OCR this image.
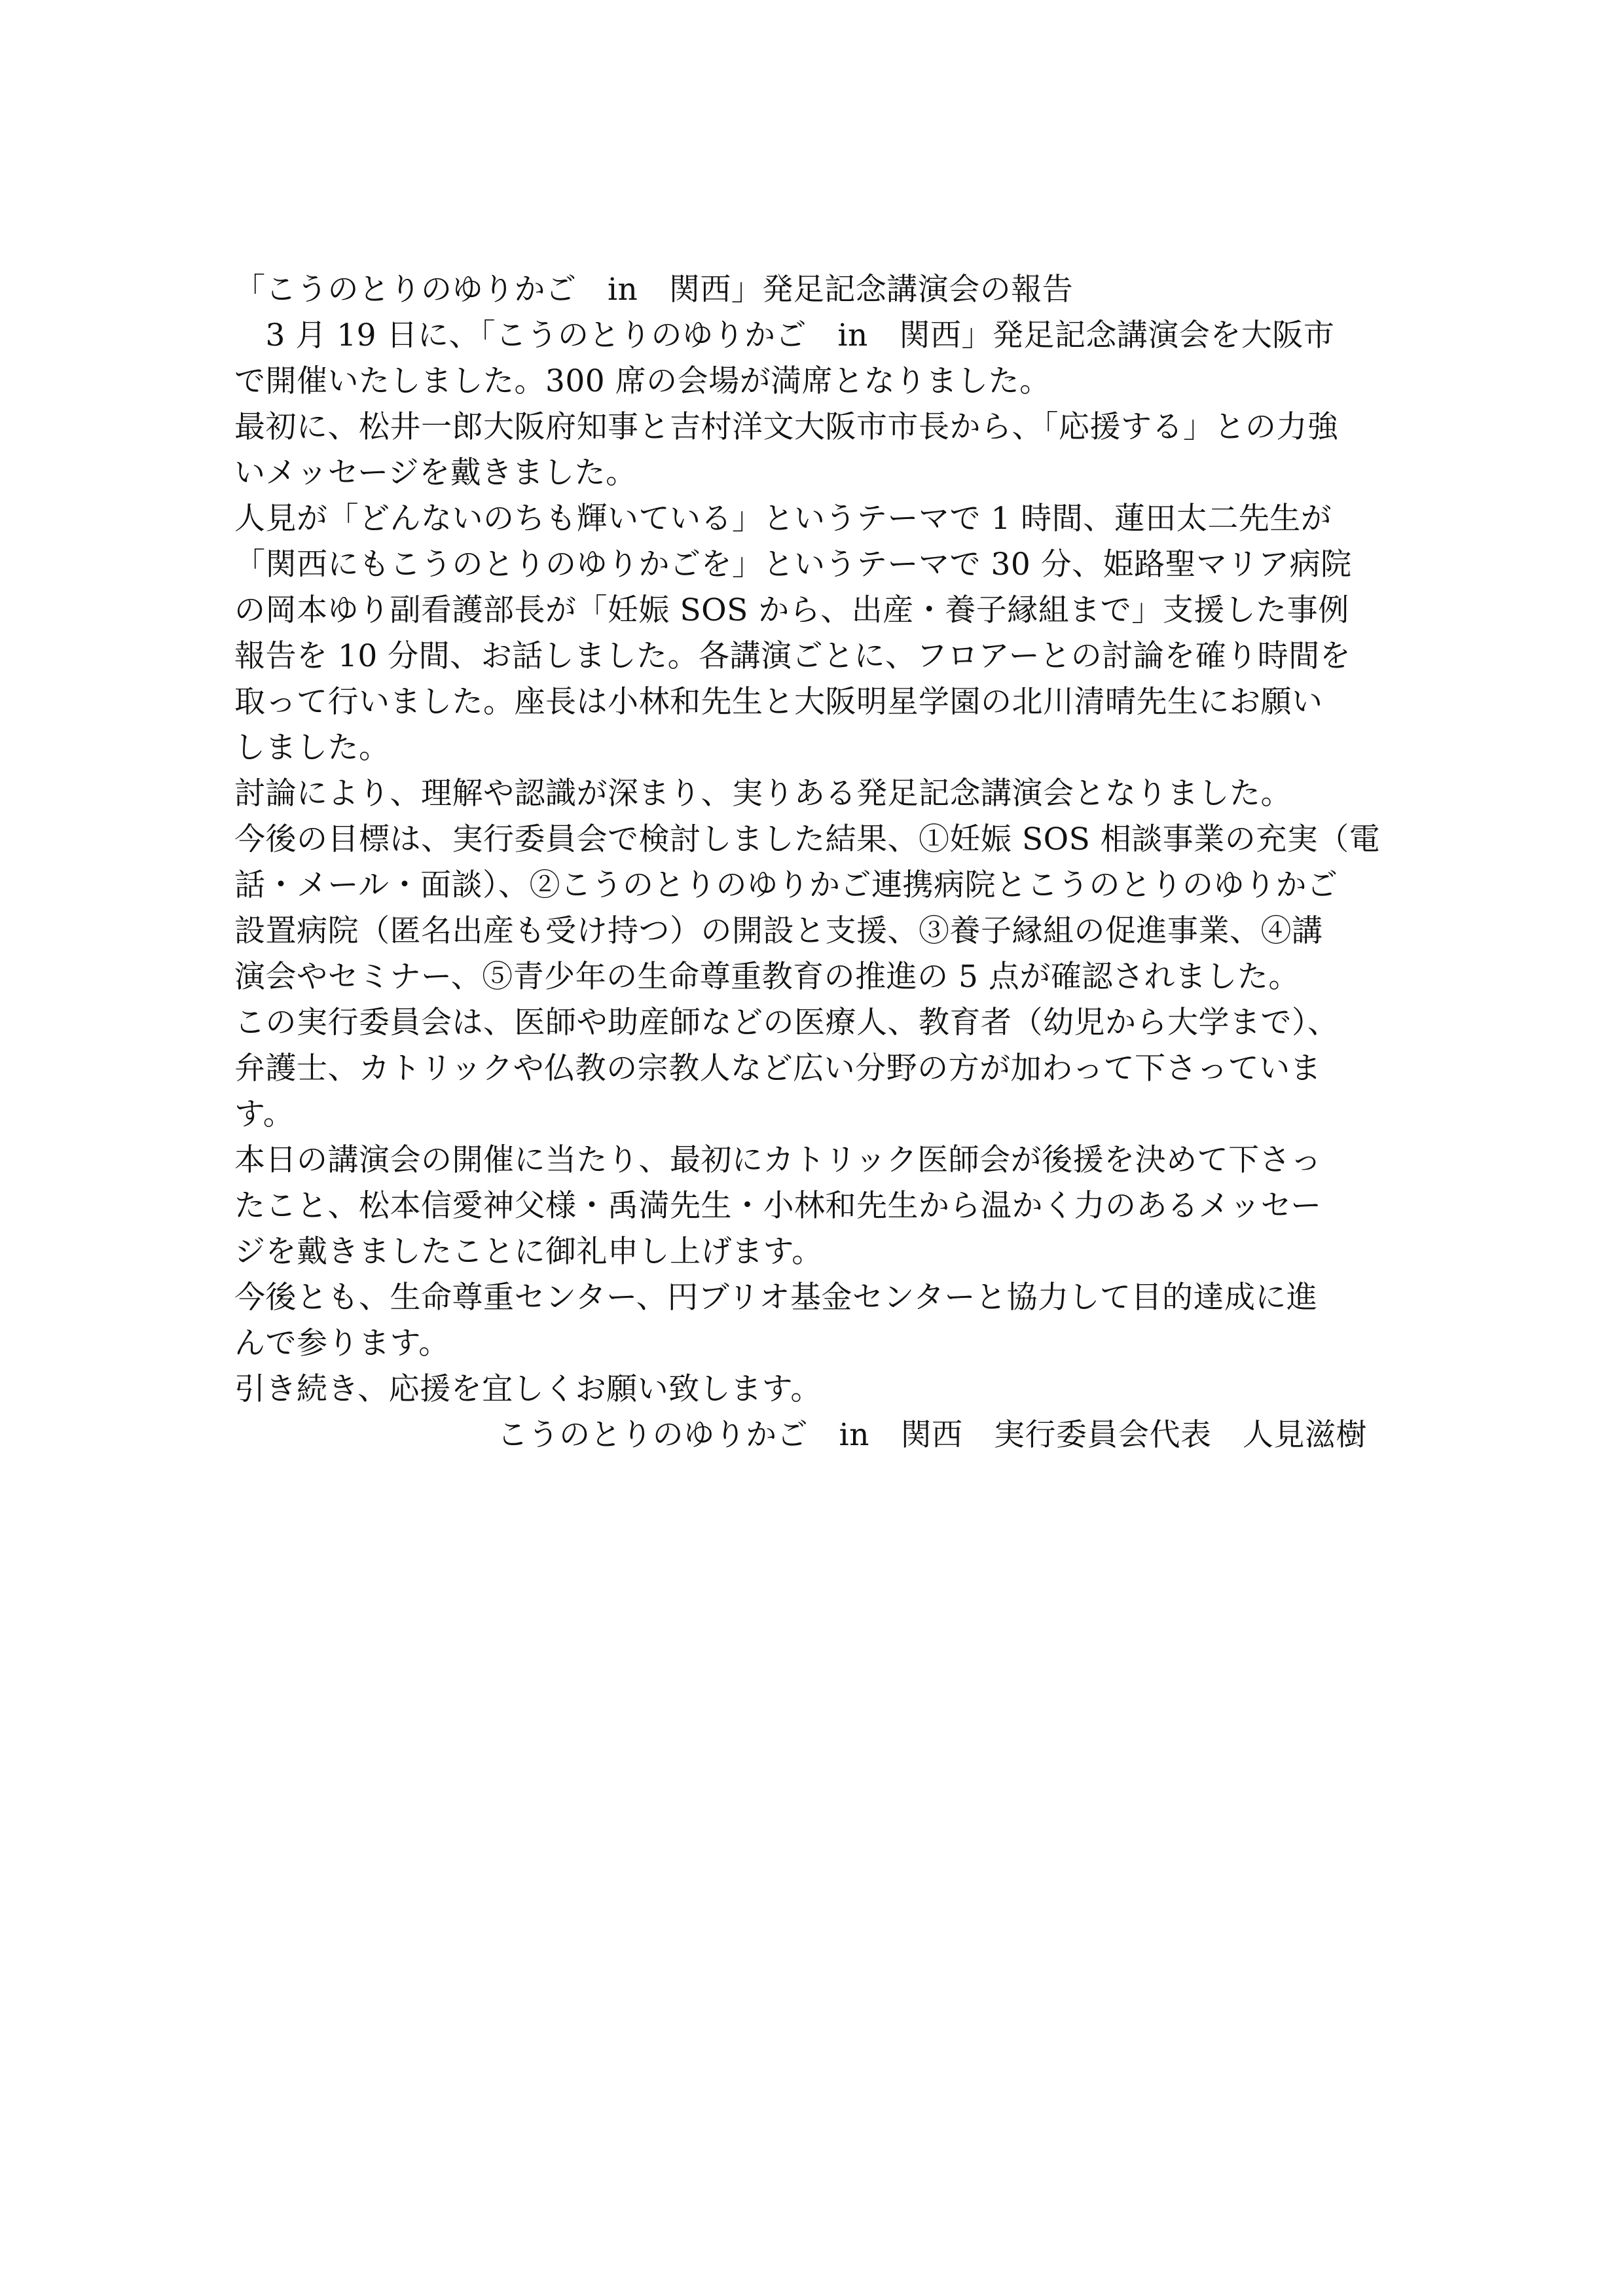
「こうのとりのゆりかご　in　関西」発足記念講演会の報告
　3 月 19 日に、「こうのとりのゆりかご　in　関西」発足記念講演会を大阪市
で開催いたしました。300 席の会場が満席となりました。
最初に、松井一郎大阪府知事と吉村洋文大阪市市長から、「応援する」との力強
いメッセージを戴きました。
人見が「どんないのちも輝いている」というテーマで 1 時間、蓮田太二先生が
「関西にもこうのとりのゆりかごを」というテーマで 30 分、姫路聖マリア病院
の岡本ゆり副看護部長が「妊娠 SOS から、出産・養子縁組まで」支援した事例
報告を 10 分間、お話しました。各講演ごとに、フロアーとの討論を確り時間を
取って行いました。座長は小林和先生と大阪明星学園の北川清晴先生にお願い
しました。
討論により、理解や認識が深まり、実りある発足記念講演会となりました。
今後の目標は、実行委員会で検討しました結果、①妊娠 SOS 相談事業の充実（電
話・メール・面談）、②こうのとりのゆりかご連携病院とこうのとりのゆりかご
設置病院（匿名出産も受け持つ）の開設と支援、③養子縁組の促進事業、④講
演会やセミナー、⑤青少年の生命尊重教育の推進の 5 点が確認されました。
この実行委員会は、医師や助産師などの医療人、教育者（幼児から大学まで）、
弁護士、カトリックや仏教の宗教人など広い分野の方が加わって下さっていま
す。
本日の講演会の開催に当たり、最初にカトリック医師会が後援を決めて下さっ
たこと、松本信愛神父様・禹満先生・小林和先生から温かく力のあるメッセー
ジを戴きましたことに御礼申し上げます。
今後とも、生命尊重センター、円ブリオ基金センターと協力して目的達成に進
んで参ります。
引き続き、応援を宜しくお願い致します。
こうのとりのゆりかご　in　関西　実行委員会代表　人見滋樹
